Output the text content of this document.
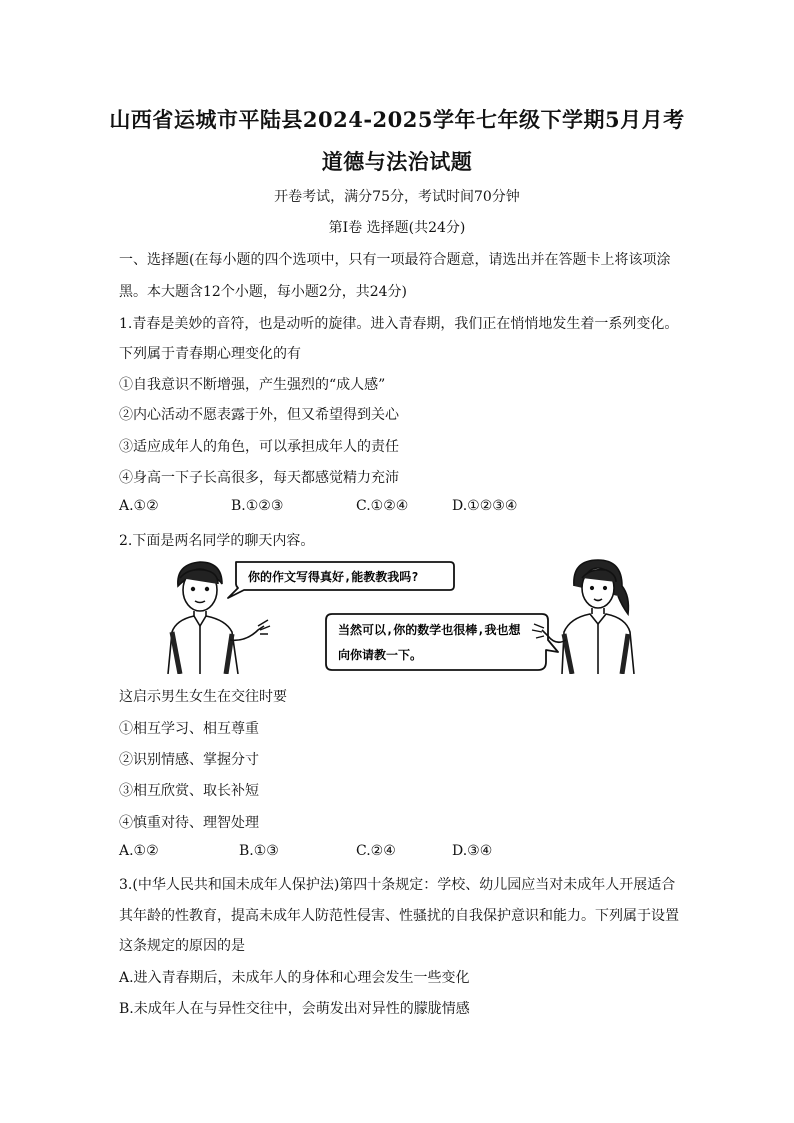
山西省运城市平陆县2024-2025学年七年级下学期5月月考
道德与法治试题
开卷考试，满分75分，考试时间70分钟
第Ⅰ卷 选择题(共24分)
一、选择题(在每小题的四个选项中，只有一项最符合题意，请选出并在答题卡上将该项涂
黑。本大题含12个小题，每小题2分，共24分)
1.青春是美妙的音符，也是动听的旋律。进入青春期，我们正在悄悄地发生着一系列变化。
下列属于青春期心理变化的有
①自我意识不断增强，产生强烈的“成人感”
②内心活动不愿表露于外，但又希望得到关心
③适应成年人的角色，可以承担成年人的责任
④身高一下子长高很多，每天都感觉精力充沛
A.①②	B.①②③	C.①②④	D.①②③④
2.下面是两名同学的聊天内容。
你的作文写得真好,能教教我吗?
当然可以,你的数学也很棒,我也想
向你请教一下。
这启示男生女生在交往时要
①相互学习、相互尊重
②识别情感、掌握分寸
③相互欣赏、取长补短
④慎重对待、理智处理
A.①②	B.①③	C.②④	D.③④
3.(中华人民共和国未成年人保护法)第四十条规定：学校、幼儿园应当对未成年人开展适合
其年龄的性教育，提高未成年人防范性侵害、性骚扰的自我保护意识和能力。下列属于设置
这条规定的原因的是
A.进入青春期后，未成年人的身体和心理会发生一些变化
B.未成年人在与异性交往中，会萌发出对异性的朦胧情感
